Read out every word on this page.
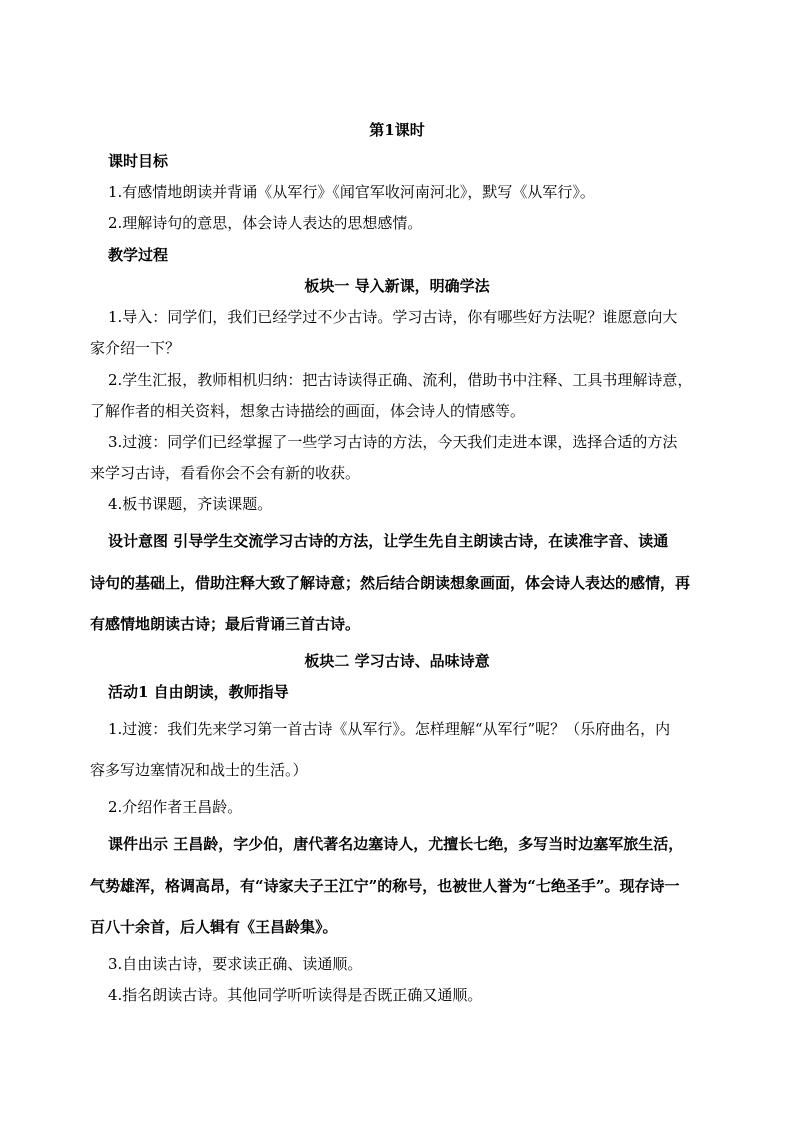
第1课时
课时目标
1.有感情地朗读并背诵《从军行》《闻官军收河南河北》，默写《从军行》。
2.理解诗句的意思，体会诗人表达的思想感情。
教学过程
板块一 导入新课，明确学法
1.导入：同学们，我们已经学过不少古诗。学习古诗，你有哪些好方法呢？谁愿意向大
家介绍一下？
2.学生汇报，教师相机归纳：把古诗读得正确、流利，借助书中注释、工具书理解诗意，
了解作者的相关资料，想象古诗描绘的画面，体会诗人的情感等。
3.过渡：同学们已经掌握了一些学习古诗的方法，今天我们走进本课，选择合适的方法
来学习古诗，看看你会不会有新的收获。
4.板书课题，齐读课题。
设计意图 引导学生交流学习古诗的方法，让学生先自主朗读古诗，在读准字音、读通
诗句的基础上，借助注释大致了解诗意；然后结合朗读想象画面，体会诗人表达的感情，再
有感情地朗读古诗；最后背诵三首古诗。
板块二 学习古诗、品味诗意
活动1 自由朗读，教师指导
1.过渡：我们先来学习第一首古诗《从军行》。怎样理解“从军行”呢？（乐府曲名，内
容多写边塞情况和战士的生活。）
2.介绍作者王昌龄。
课件出示 王昌龄，字少伯，唐代著名边塞诗人，尤擅长七绝，多写当时边塞军旅生活，
气势雄浑，格调高昂，有“诗家夫子王江宁”的称号，也被世人誉为“七绝圣手”。现存诗一
百八十余首，后人辑有《王昌龄集》。
3.自由读古诗，要求读正确、读通顺。
4.指名朗读古诗。其他同学听听读得是否既正确又通顺。
